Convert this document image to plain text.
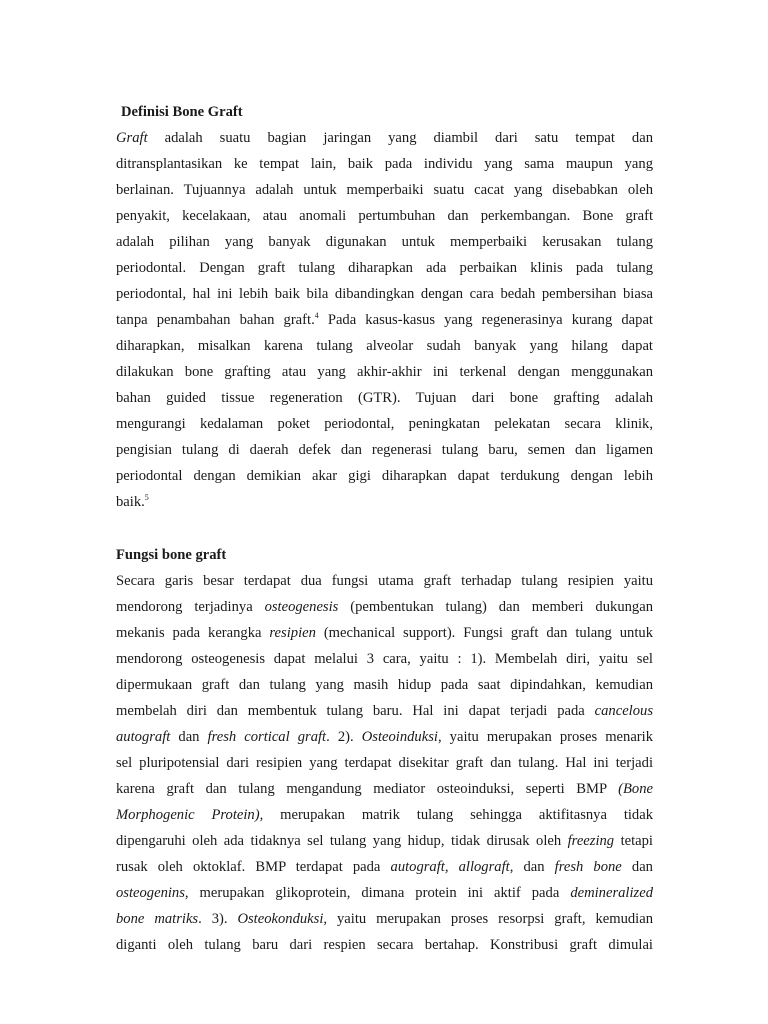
Definisi Bone Graft
Graft adalah suatu bagian jaringan yang diambil dari satu tempat dan
ditransplantasikan ke tempat lain, baik pada individu yang sama maupun yang
berlainan. Tujuannya adalah untuk memperbaiki suatu cacat yang disebabkan oleh
penyakit, kecelakaan, atau anomali pertumbuhan dan perkembangan. Bone graft
adalah pilihan yang banyak digunakan untuk memperbaiki kerusakan tulang
periodontal. Dengan graft tulang diharapkan ada perbaikan klinis pada tulang
periodontal, hal ini lebih baik bila dibandingkan dengan cara bedah pembersihan biasa
tanpa penambahan bahan graft.$^4$ Pada kasus-kasus yang regenerasinya kurang dapat
diharapkan, misalkan karena tulang alveolar sudah banyak yang hilang dapat
dilakukan bone grafting atau yang akhir-akhir ini terkenal dengan menggunakan
bahan guided tissue regeneration (GTR). Tujuan dari bone grafting adalah
mengurangi kedalaman poket periodontal, peningkatan pelekatan secara klinik,
pengisian tulang di daerah defek dan regenerasi tulang baru, semen dan ligamen
periodontal dengan demikian akar gigi diharapkan dapat terdukung dengan lebih
baik.$^5$
Fungsi bone graft
Secara garis besar terdapat dua fungsi utama graft terhadap tulang resipien yaitu
mendorong terjadinya osteogenesis (pembentukan tulang) dan memberi dukungan
mekanis pada kerangka resipien (mechanical support). Fungsi graft dan tulang untuk
mendorong osteogenesis dapat melalui 3 cara, yaitu : 1). Membelah diri, yaitu sel
dipermukaan graft dan tulang yang masih hidup pada saat dipindahkan, kemudian
membelah diri dan membentuk tulang baru. Hal ini dapat terjadi pada cancelous
autograft dan fresh cortical graft. 2). Osteoinduksi, yaitu merupakan proses menarik
sel pluripotensial dari resipien yang terdapat disekitar graft dan tulang. Hal ini terjadi
karena graft dan tulang mengandung mediator osteoinduksi, seperti BMP (Bone
Morphogenic Protein), merupakan matrik tulang sehingga aktifitasnya tidak
dipengaruhi oleh ada tidaknya sel tulang yang hidup, tidak dirusak oleh freezing tetapi
rusak oleh oktoklaf. BMP terdapat pada autograft, allograft, dan fresh bone dan
osteogenins, merupakan glikoprotein, dimana protein ini aktif pada demineralized
bone matriks. 3). Osteokonduksi, yaitu merupakan proses resorpsi graft, kemudian
diganti oleh tulang baru dari respien secara bertahap. Konstribusi graft dimulai
